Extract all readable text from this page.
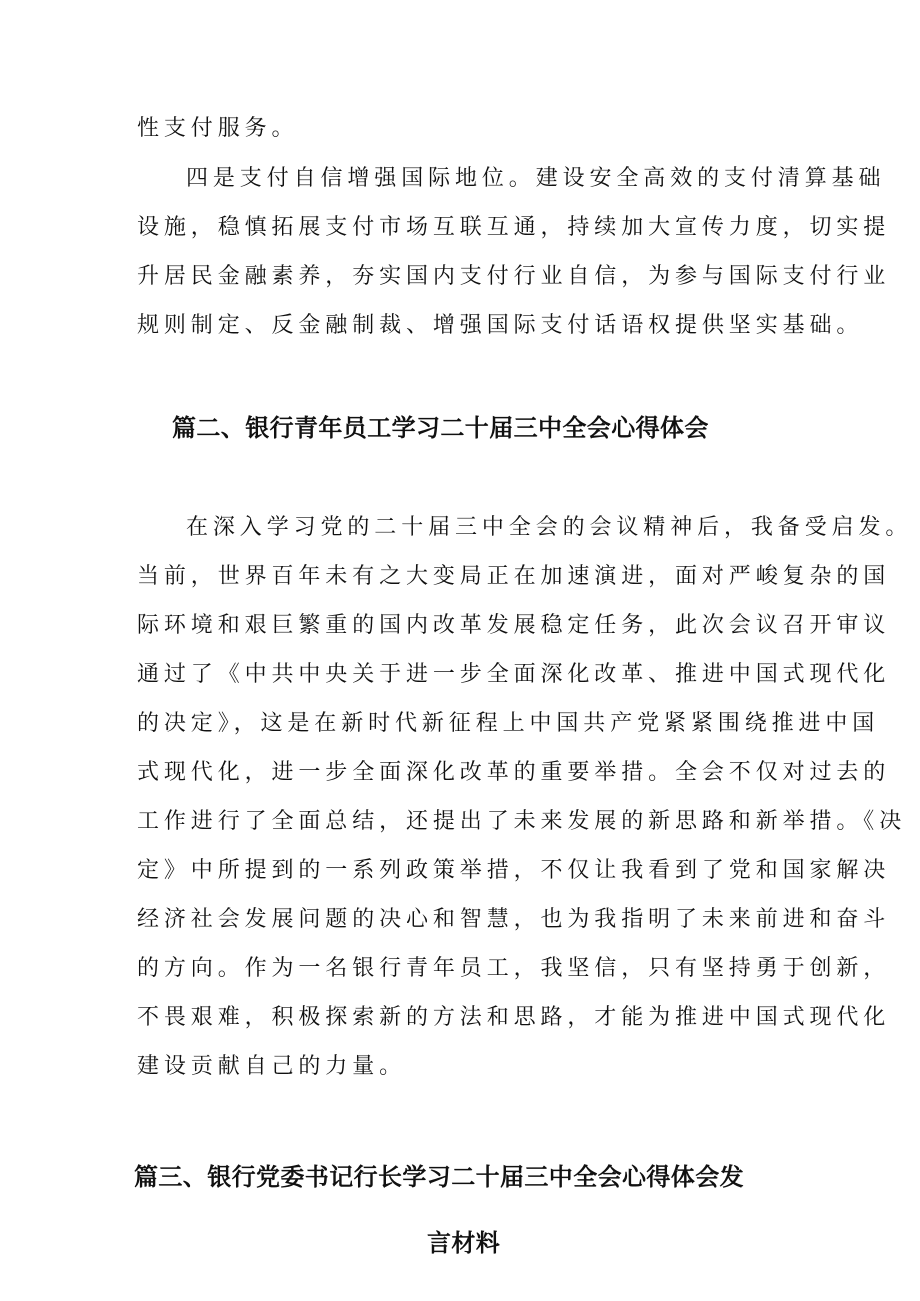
性支付服务。

四是支付自信增强国际地位。建设安全高效的支付清算基础

设施，稳慎拓展支付市场互联互通，持续加大宣传力度，切实提

升居民金融素养，夯实国内支付行业自信，为参与国际支付行业

规则制定、反金融制裁、增强国际支付话语权提供坚实基础。

篇二、银行青年员工学习二十届三中全会心得体会

在深入学习党的二十届三中全会的会议精神后，我备受启发。

当前，世界百年未有之大变局正在加速演进，面对严峻复杂的国

际环境和艰巨繁重的国内改革发展稳定任务，此次会议召开审议

通过了《中共中央关于进一步全面深化改革、推进中国式现代化

的决定》，这是在新时代新征程上中国共产党紧紧围绕推进中国

式现代化，进一步全面深化改革的重要举措。全会不仅对过去的

工作进行了全面总结，还提出了未来发展的新思路和新举措。《决

定》中所提到的一系列政策举措，不仅让我看到了党和国家解决

经济社会发展问题的决心和智慧，也为我指明了未来前进和奋斗

的方向。作为一名银行青年员工，我坚信，只有坚持勇于创新，

不畏艰难，积极探索新的方法和思路，才能为推进中国式现代化

建设贡献自己的力量。

篇三、银行党委书记行长学习二十届三中全会心得体会发
言材料
